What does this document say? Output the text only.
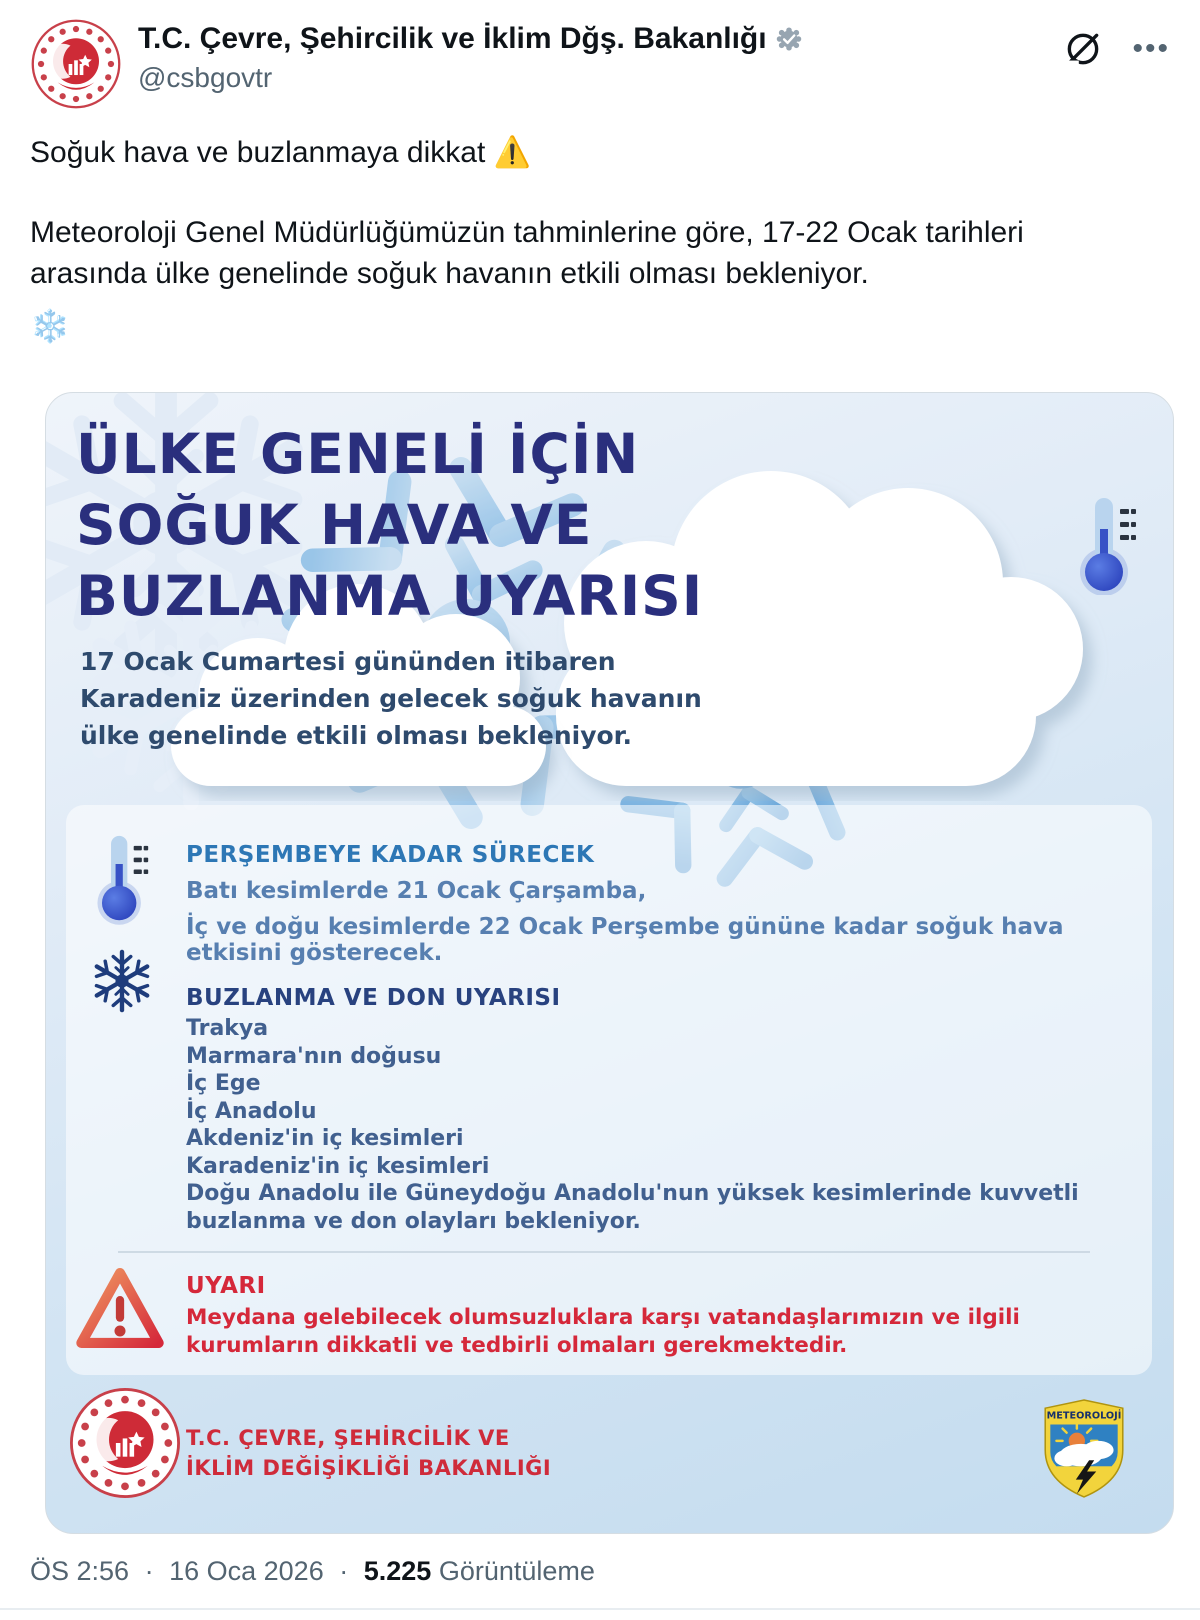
T.C. Çevre, Şehircilik ve İklim Dğş. Bakanlığı
@csbgovtr
•••
Soğuk hava ve buzlanmaya dikkat ⚠️
Meteoroloji Genel Müdürlüğümüzün tahminlerine göre, 17-22 Ocak tarihleri arasında ülke genelinde soğuk havanın etkili olması bekleniyor.
❄️
ÜLKE GENELİ İÇİN
SOĞUK HAVA VE
BUZLANMA UYARISI
17 Ocak Cumartesi gününden itibaren
Karadeniz üzerinden gelecek soğuk havanın
ülke genelinde etkili olması bekleniyor.
PERŞEMBEYE KADAR SÜRECEK
Batı kesimlerde 21 Ocak Çarşamba,
İç ve doğu kesimlerde 22 Ocak Perşembe gününe kadar soğuk hava etkisini gösterecek.
BUZLANMA VE DON UYARISI
Trakya
Marmara'nın doğusu
İç Ege
İç Anadolu
Akdeniz'in iç kesimleri
Karadeniz'in iç kesimleri
Doğu Anadolu ile Güneydoğu Anadolu'nun yüksek kesimlerinde kuvvetli buzlanma ve don olayları bekleniyor.
UYARI
Meydana gelebilecek olumsuzluklara karşı vatandaşlarımızın ve ilgili kurumların dikkatli ve tedbirli olmaları gerekmektedir.
T.C. ÇEVRE, ŞEHİRCİLİK VE
İKLİM DEĞİŞİKLİĞİ BAKANLIĞI
METEOROLOJİ
ÖS 2:56 · 16 Oca 2026 · 5.225 Görüntüleme
